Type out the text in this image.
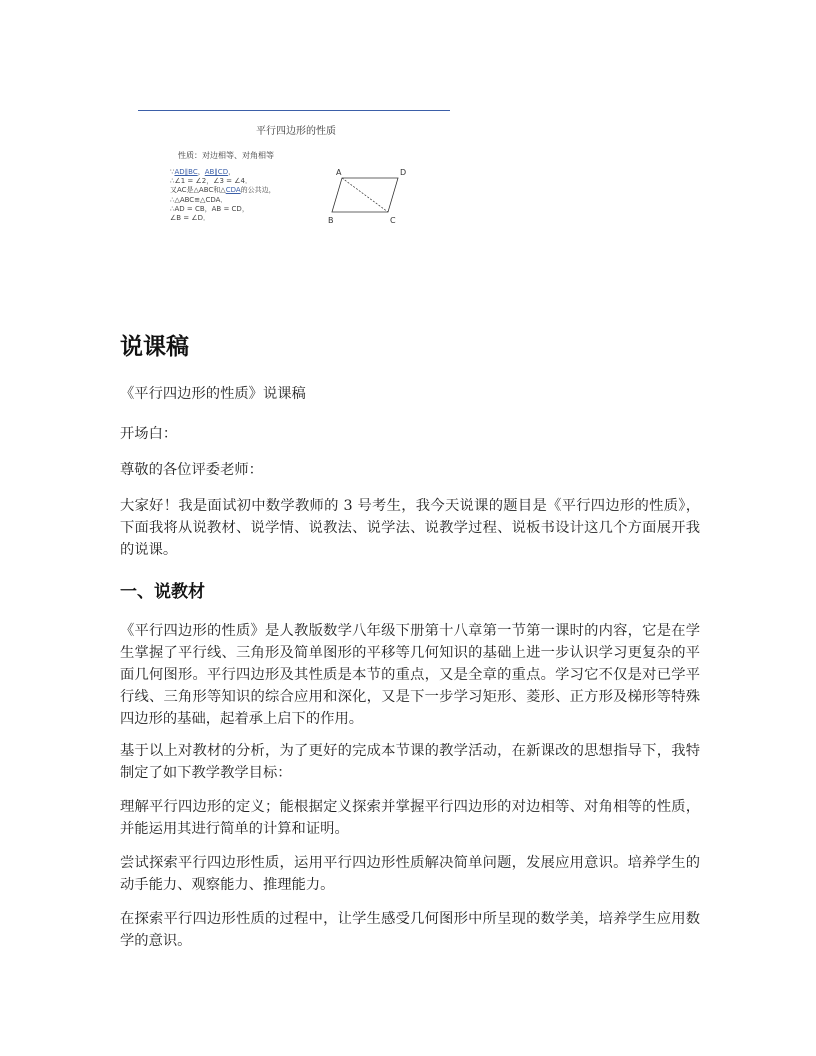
平行四边形的性质
性质：对边相等、对角相等
∵AD∥BC，AB∥CD，
∴∠1 = ∠2，∠3 = ∠4．
又AC是△ABC和△CDA的公共边，
∴△ABC≌△CDA．
∴AD = CB，AB = CD，
∠B = ∠D．
A	D
B	C
说课稿

《平行四边形的性质》说课稿

开场白：

尊敬的各位评委老师：

大家好！我是面试初中数学教师的 3 号考生，我今天说课的题目是《平行四边形的性质》，下面我将从说教材、说学情、说教法、说学法、说教学过程、说板书设计这几个方面展开我的说课。

一、说教材

《平行四边形的性质》是人教版数学八年级下册第十八章第一节第一课时的内容，它是在学生掌握了平行线、三角形及简单图形的平移等几何知识的基础上进一步认识学习更复杂的平面几何图形。平行四边形及其性质是本节的重点，又是全章的重点。学习它不仅是对已学平行线、三角形等知识的综合应用和深化，又是下一步学习矩形、菱形、正方形及梯形等特殊四边形的基础，起着承上启下的作用。

基于以上对教材的分析，为了更好的完成本节课的教学活动，在新课改的思想指导下，我特制定了如下教学教学目标：

理解平行四边形的定义；能根据定义探索并掌握平行四边形的对边相等、对角相等的性质，并能运用其进行简单的计算和证明。

尝试探索平行四边形性质，运用平行四边形性质解决简单问题，发展应用意识。培养学生的动手能力、观察能力、推理能力。

在探索平行四边形性质的过程中，让学生感受几何图形中所呈现的数学美，培养学生应用数学的意识。
